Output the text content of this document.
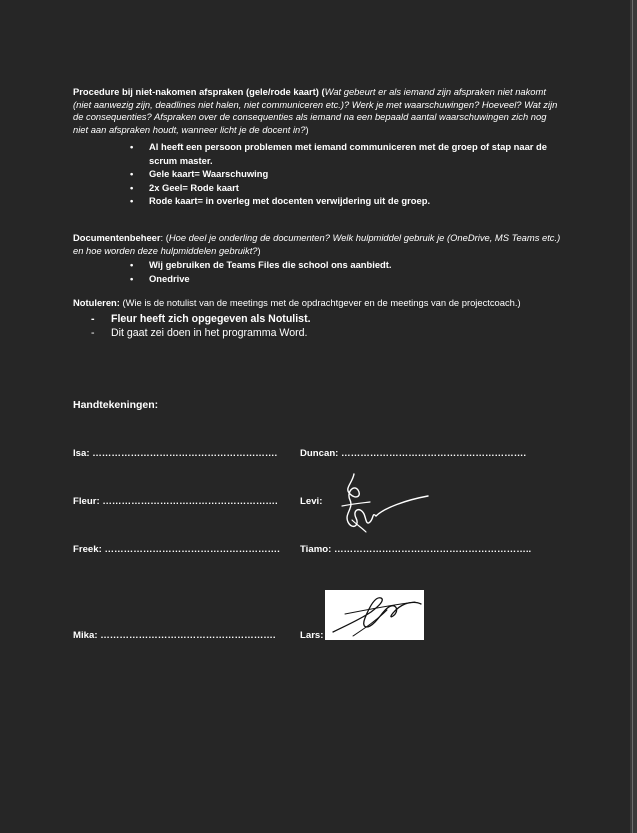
Procedure bij niet-nakomen afspraken (gele/rode kaart) (Wat gebeurt er als iemand zijn afspraken niet nakomt (niet aanwezig zijn, deadlines niet halen, niet communiceren etc.)? Werk je met waarschuwingen? Hoeveel? Wat zijn de consequenties? Afspraken over de consequenties als iemand na een bepaald aantal waarschuwingen zich nog niet aan afspraken houdt, wanneer licht je de docent in?)
• Al heeft een persoon problemen met iemand communiceren met de groep of stap naar de scrum master.
• Gele kaart= Waarschuwing
• 2x Geel= Rode kaart
• Rode kaart= in overleg met docenten verwijdering uit de groep.
Documentenbeheer: (Hoe deel je onderling de documenten? Welk hulpmiddel gebruik je (OneDrive, MS Teams etc.) en hoe worden deze hulpmiddelen gebruikt?)
• Wij gebruiken de Teams Files die school ons aanbiedt.
• Onedrive
Notuleren: (Wie is de notulist van de meetings met de opdrachtgever en de meetings van de projectcoach.)
- Fleur heeft zich opgegeven als Notulist.
- Dit gaat zei doen in het programma Word.
Handtekeningen:
Isa: …………………………………………………. Duncan: ………………………………………………….
Fleur: ………………………………………………. Levi:
Freek: ………………………………………………. Tiamo: ……………………………………………………..
Mika: ……………………………………………….	Lars:
